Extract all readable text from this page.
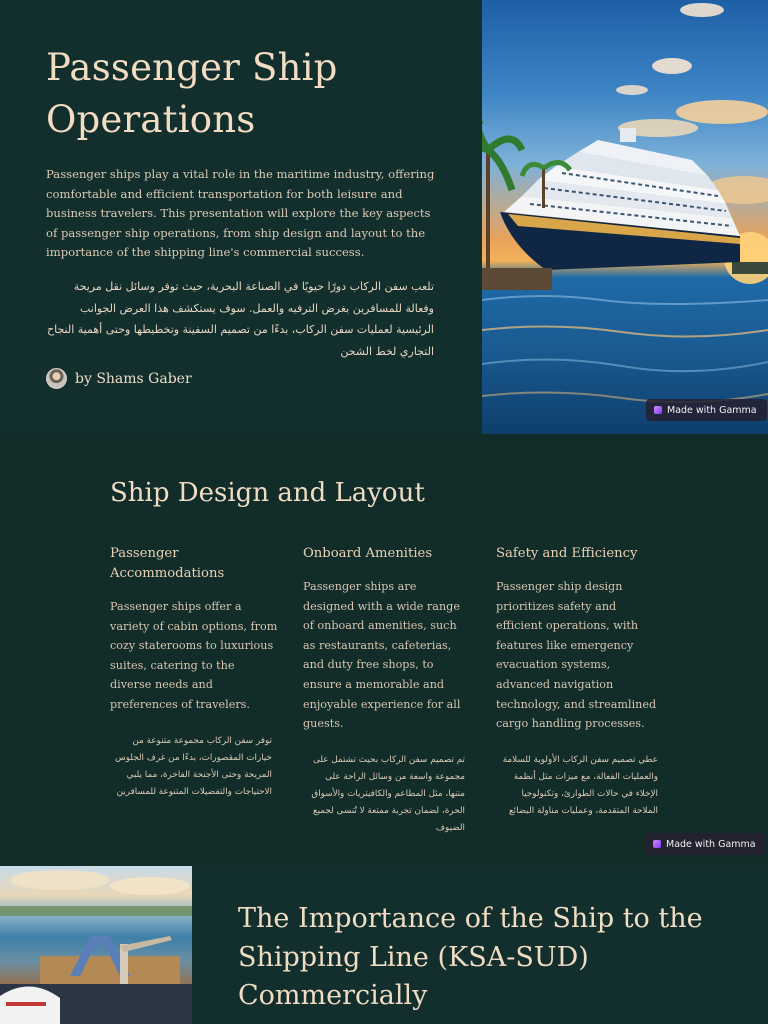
Passenger Ship Operations

Passenger ships play a vital role in the maritime industry, offering comfortable and efficient transportation for both leisure and business travelers. This presentation will explore the key aspects of passenger ship operations, from ship design and layout to the importance of the shipping line's commercial success.

تلعب سفن الركاب دورًا حيويًا في الصناعة البحرية، حيث توفر وسائل نقل مريحة وفعالة للمسافرين بغرض الترفيه والعمل. سوف يستكشف هذا العرض الجوانب الرئيسية لعمليات سفن الركاب، بدءًا من تصميم السفينة وتخطيطها وحتى أهمية النجاح التجاري لخط الشحن

by Shams Gaber
Made with Gamma
Ship Design and Layout
Passenger Accommodations

Passenger ships offer a variety of cabin options, from cozy staterooms to luxurious suites, catering to the diverse needs and preferences of travelers.

توفر سفن الركاب مجموعة متنوعة من خيارات المقصورات، بدءًا من غرف الجلوس المريحة وحتى الأجنحة الفاخرة، مما يلبي الاحتياجات والتفضيلات المتنوعة للمسافرين

Onboard Amenities

Passenger ships are designed with a wide range of onboard amenities, such as restaurants, cafeterias, and duty free shops, to ensure a memorable and enjoyable experience for all guests.

تم تصميم سفن الركاب بحيث تشتمل على مجموعة واسعة من وسائل الراحة على متنها، مثل المطاعم والكافيتريات والأسواق الحرة، لضمان تجربة ممتعة لا تُنسى لجميع الضيوف

Safety and Efficiency

Passenger ship design prioritizes safety and efficient operations, with features like emergency evacuation systems, advanced navigation technology, and streamlined cargo handling processes.

عطي تصميم سفن الركاب الأولوية للسلامة والعمليات الفعالة، مع ميزات مثل أنظمة الإخلاء في حالات الطوارئ، وتكنولوجيا الملاحة المتقدمة، وعمليات مناولة البضائع

Made with Gamma
The Importance of the Ship to the Shipping Line (KSA-SUD) Commercially
